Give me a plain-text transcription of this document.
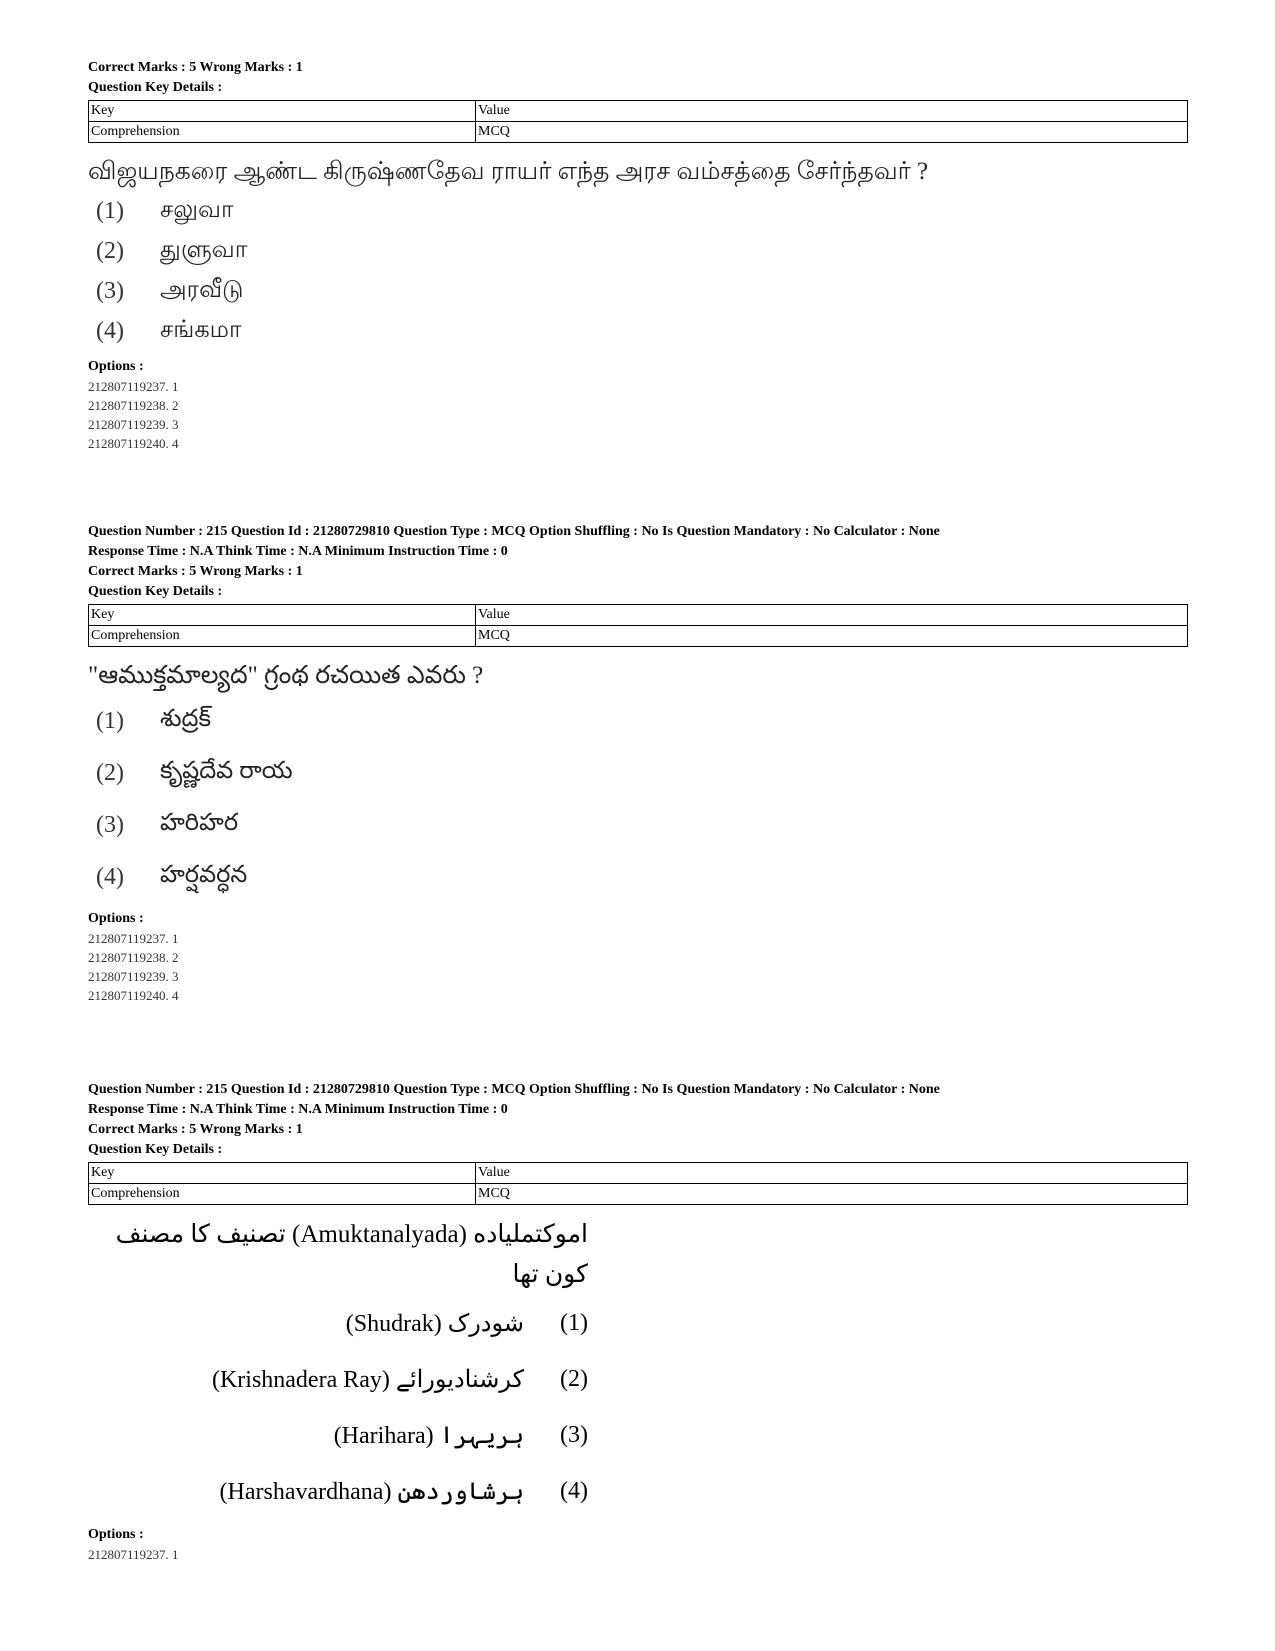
Correct Marks : 5 Wrong Marks : 1
Question Key Details :
Key	Value
Comprehension	MCQ
விஜயநகரை ஆண்ட கிருஷ்ணதேவ ராயர் எந்த அரச வம்சத்தை சேர்ந்தவர் ?
(1)	சலுவா
(2)	துளுவா
(3)	அரவீடு
(4)	சங்கமா
Options :
212807119237. 1
212807119238. 2
212807119239. 3
212807119240. 4
Question Number : 215 Question Id : 21280729810 Question Type : MCQ Option Shuffling : No Is Question Mandatory : No Calculator : None
Response Time : N.A Think Time : N.A Minimum Instruction Time : 0
Correct Marks : 5 Wrong Marks : 1
Question Key Details :
Key	Value
Comprehension	MCQ
"ఆముక్తమాల్యద" గ్రంథ రచయిత ఎవరు ?
(1)	శుద్రక్
(2)	కృష్ణదేవ రాయ
(3)	హరిహర
(4)	హర్షవర్ధన
Options :
212807119237. 1
212807119238. 2
212807119239. 3
212807119240. 4
Question Number : 215 Question Id : 21280729810 Question Type : MCQ Option Shuffling : No Is Question Mandatory : No Calculator : None
Response Time : N.A Think Time : N.A Minimum Instruction Time : 0
Correct Marks : 5 Wrong Marks : 1
Question Key Details :
Key	Value
Comprehension	MCQ
اموکتملیاده (Amuktanalyada) تصنیف کا مصنف کون تھا
(Shudrak) شودرک	(1)
(Krishnadera Ray) کرشنادیورائے	(2)
(Harihara) ہریہرا	(3)
(Harshavardhana) ہرشاوردھن	(4)
Options :
212807119237. 1
